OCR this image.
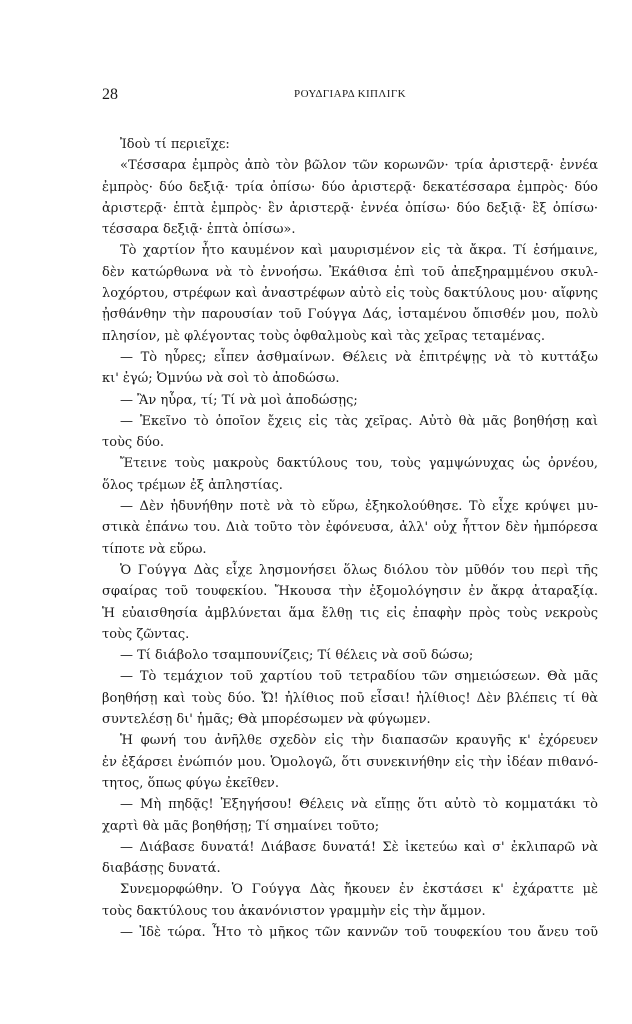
28	ΡΟΥΔΓΙΑΡΔ ΚΙΠΛΙΓΚ
Ἰδοὺ τί περιεῖχε:
«Τέσσαρα ἐμπρὸς ἀπὸ τὸν βῶλον τῶν κορωνῶν· τρία ἀριστερᾷ· ἐννέα
ἐμπρὸς· δύο δεξιᾷ· τρία ὀπίσω· δύο ἀριστερᾷ· δεκατέσσαρα ἐμπρὸς· δύο
ἀριστερᾷ· ἑπτὰ ἐμπρὸς· ἓν ἀριστερᾷ· ἐννέα ὀπίσω· δύο δεξιᾷ· ἓξ ὀπίσω·
τέσσαρα δεξιᾷ· ἑπτὰ ὀπίσω».
Τὸ χαρτίον ἦτο καυμένον καὶ μαυρισμένον εἰς τὰ ἄκρα. Τί ἐσήμαινε,
δὲν κατώρθωνα νὰ τὸ ἐννοήσω. Ἐκάθισα ἐπὶ τοῦ ἀπεξηραμμένου σκυλ-
λοχόρτου, στρέφων καὶ ἀναστρέφων αὐτὸ εἰς τοὺς δακτύλους μου· αἴφνης
ᾐσθάνθην τὴν παρουσίαν τοῦ Γούγγα Δάς, ἱσταμένου ὄπισθέν μου, πολὺ
πλησίον, μὲ φλέγοντας τοὺς ὀφθαλμοὺς καὶ τὰς χεῖρας τεταμένας.
— Τὸ ηὗρες; εἶπεν ἀσθμαίνων. Θέλεις νὰ ἐπιτρέψῃς νὰ τὸ κυττάξω
κι' ἐγώ; Ὀμνύω νὰ σοὶ τὸ ἀποδώσω.
— Ἂν ηὗρα, τί; Τί νὰ μοὶ ἀποδώσῃς;
— Ἐκεῖνο τὸ ὁποῖον ἔχεις εἰς τὰς χεῖρας. Αὐτὸ θὰ μᾶς βοηθήσῃ καὶ
τοὺς δύο.
Ἔτεινε τοὺς μακροὺς δακτύλους του, τοὺς γαμψώνυχας ὡς ὀρνέου,
ὅλος τρέμων ἐξ ἀπληστίας.
— Δὲν ἠδυνήθην ποτὲ νὰ τὸ εὕρω, ἐξηκολούθησε. Τὸ εἶχε κρύψει μυ-
στικὰ ἐπάνω του. Διὰ τοῦτο τὸν ἐφόνευσα, ἀλλ' οὐχ ἧττον δὲν ἠμπόρεσα
τίποτε νὰ εὕρω.
Ὁ Γούγγα Δὰς εἶχε λησμονήσει ὅλως διόλου τὸν μῦθόν του περὶ τῆς
σφαίρας τοῦ τουφεκίου. Ἤκουσα τὴν ἐξομολόγησιν ἐν ἄκρᾳ ἀταραξίᾳ.
Ἡ εὐαισθησία ἀμβλύνεται ἅμα ἔλθῃ τις εἰς ἐπαφὴν πρὸς τοὺς νεκροὺς
τοὺς ζῶντας.
— Τί διάβολο τσαμπουνίζεις; Τί θέλεις νὰ σοῦ δώσω;
— Τὸ τεμάχιον τοῦ χαρτίου τοῦ τετραδίου τῶν σημειώσεων. Θὰ μᾶς
βοηθήσῃ καὶ τοὺς δύο. Ὤ! ἠλίθιος ποῦ εἶσαι! ἠλίθιος! Δὲν βλέπεις τί θὰ
συντελέσῃ δι' ἡμᾶς; Θὰ μπορέσωμεν νὰ φύγωμεν.
Ἡ φωνή του ἀνῆλθε σχεδὸν εἰς τὴν διαπασῶν κραυγῆς κ' ἐχόρευεν
ἐν ἐξάρσει ἐνώπιόν μου. Ὁμολογῶ, ὅτι συνεκινήθην εἰς τὴν ἰδέαν πιθανό-
τητος, ὅπως φύγω ἐκεῖθεν.
— Μὴ πηδᾷς! Ἐξηγήσου! Θέλεις νὰ εἴπῃς ὅτι αὐτὸ τὸ κομματάκι τὸ
χαρτὶ θὰ μᾶς βοηθήσῃ; Τί σημαίνει τοῦτο;
— Διάβασε δυνατά! Διάβασε δυνατά! Σὲ ἱκετεύω καὶ σ' ἐκλιπαρῶ νὰ
διαβάσῃς δυνατά.
Συνεμορφώθην. Ὁ Γούγγα Δὰς ἤκουεν ἐν ἐκστάσει κ' ἐχάραττε μὲ
τοὺς δακτύλους του ἀκανόνιστον γραμμὴν εἰς τὴν ἄμμον.
— Ἰδὲ τώρα. Ἦτο τὸ μῆκος τῶν καννῶν τοῦ τουφεκίου του ἄνευ τοῦ
